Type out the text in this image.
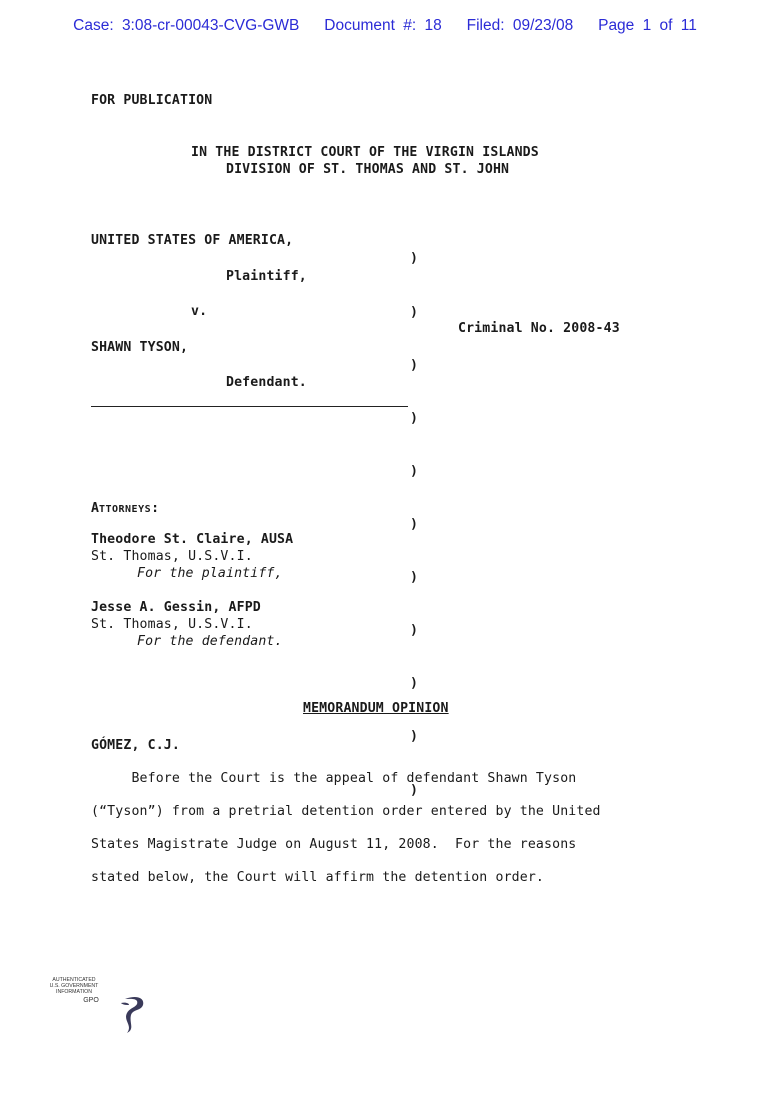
Case: 3:08-cr-00043-CVG-GWB   Document #: 18   Filed: 09/23/08   Page 1 of 11
FOR PUBLICATION
IN THE DISTRICT COURT OF THE VIRGIN ISLANDS
DIVISION OF ST. THOMAS AND ST. JOHN
UNITED STATES OF AMERICA,
Plaintiff,
v.
SHAWN TYSON,
Defendant.

)

)

)

)

)

)

)

)

)

)

)

Criminal No. 2008-43
ATTORNEYS:
Theodore St. Claire, AUSA
St. Thomas, U.S.V.I.
For the plaintiff,
Jesse A. Gessin, AFPD
St. Thomas, U.S.V.I.
For the defendant.
MEMORANDUM OPINION
GÓMEZ, C.J.
Before the Court is the appeal of defendant Shawn Tyson
(“Tyson”) from a pretrial detention order entered by the United
States Magistrate Judge on August 11, 2008.  For the reasons
stated below, the Court will affirm the detention order.

AUTHENTICATED

U.S. GOVERNMENT

INFORMATION

GPO
